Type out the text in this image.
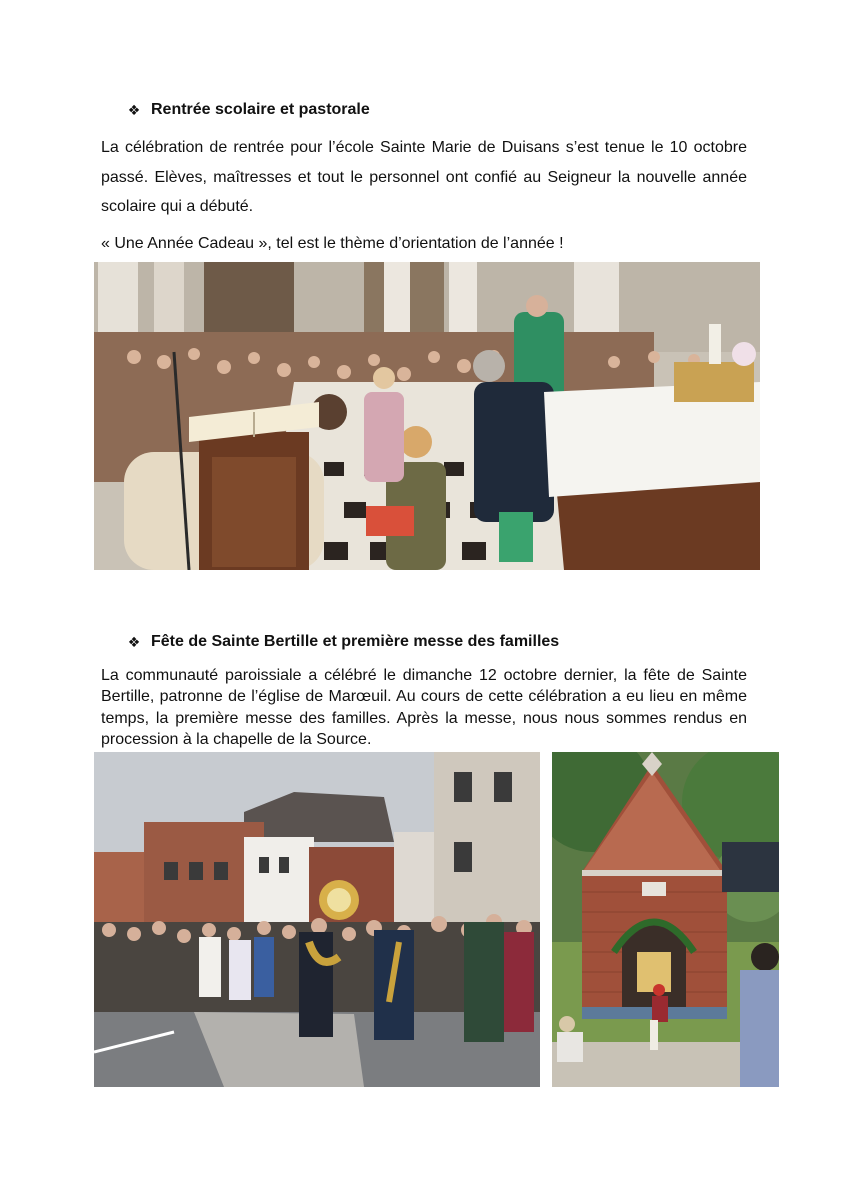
❖ Rentrée scolaire et pastorale

La célébration de rentrée pour l’école Sainte Marie de Duisans s’est tenue le 10 octobre passé. Elèves, maîtresses et tout le personnel ont confié au Seigneur la nouvelle année scolaire qui a débuté.

« Une Année Cadeau », tel est le thème d’orientation de l’année !

❖ Fête de Sainte Bertille et première messe des familles

La communauté paroissiale a célébré le dimanche 12 octobre dernier, la fête de Sainte Bertille, patronne de l’église de Marœuil. Au cours de cette célébration a eu lieu en même temps, la première messe des familles. Après la messe, nous nous sommes rendus en procession à la chapelle de la Source.
